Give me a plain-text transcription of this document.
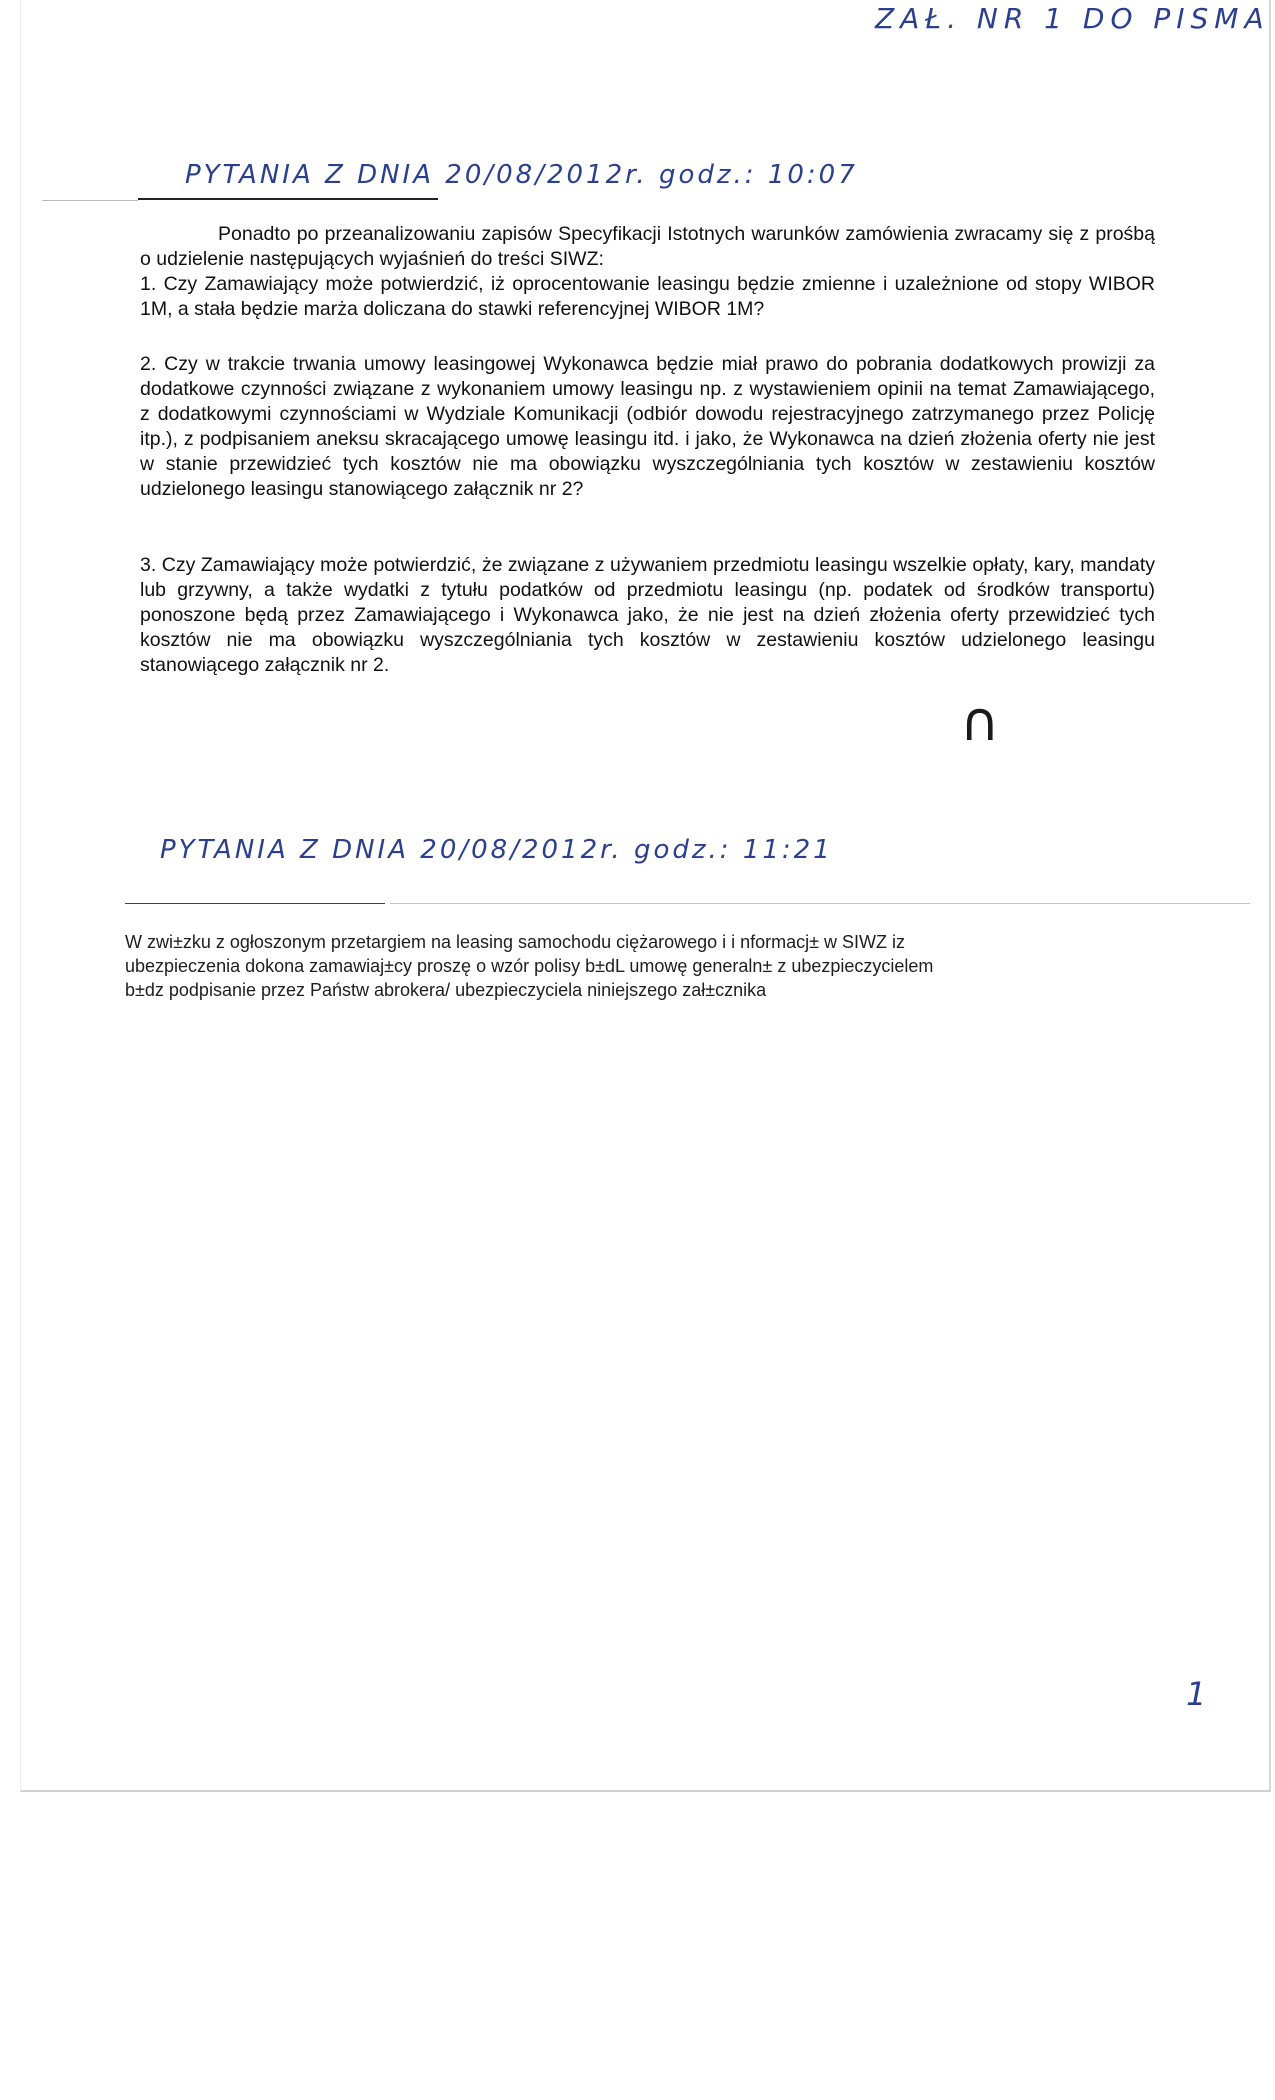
ZAŁ. NR 1 DO PISMA
PYTANIA Z DNIA 20/08/2012r. godz.: 10:07
Ponadto po przeanalizowaniu zapisów Specyfikacji Istotnych warunków zamówienia zwracamy się z prośbą o udzielenie następujących wyjaśnień do treści SIWZ:
1. Czy Zamawiający może potwierdzić, iż oprocentowanie leasingu będzie zmienne i uzależnione od stopy WIBOR 1M, a stała będzie marża doliczana do stawki referencyjnej WIBOR 1M?
2. Czy w trakcie trwania umowy leasingowej Wykonawca będzie miał prawo do pobrania dodatkowych prowizji za dodatkowe czynności związane z wykonaniem umowy leasingu np. z wystawieniem opinii na temat Zamawiającego, z dodatkowymi czynnościami w Wydziale Komunikacji (odbiór dowodu rejestracyjnego zatrzymanego przez Policję itp.), z podpisaniem aneksu skracającego umowę leasingu itd. i jako, że Wykonawca na dzień złożenia oferty nie jest w stanie przewidzieć tych kosztów nie ma obowiązku wyszczególniania tych kosztów w zestawieniu kosztów udzielonego leasingu stanowiącego załącznik nr 2?
3. Czy Zamawiający może potwierdzić, że związane z używaniem przedmiotu leasingu wszelkie opłaty, kary, mandaty lub grzywny, a także wydatki z tytułu podatków od przedmiotu leasingu (np. podatek od środków transportu) ponoszone będą przez Zamawiającego i Wykonawca jako, że nie jest na dzień złożenia oferty przewidzieć tych kosztów nie ma obowiązku wyszczególniania tych kosztów w zestawieniu kosztów udzielonego leasingu stanowiącego załącznik nr 2.
∩
PYTANIA Z DNIA 20/08/2012r. godz.: 11:21
W zwi±zku z ogłoszonym przetargiem na leasing samochodu ciężarowego i i nformacj± w SIWZ iz
ubezpieczenia dokona zamawiaj±cy proszę o wzór polisy b±dL umowę generaln± z ubezpieczycielem
b±dz podpisanie przez Państw abrokera/ ubezpieczyciela niniejszego zał±cznika
1
